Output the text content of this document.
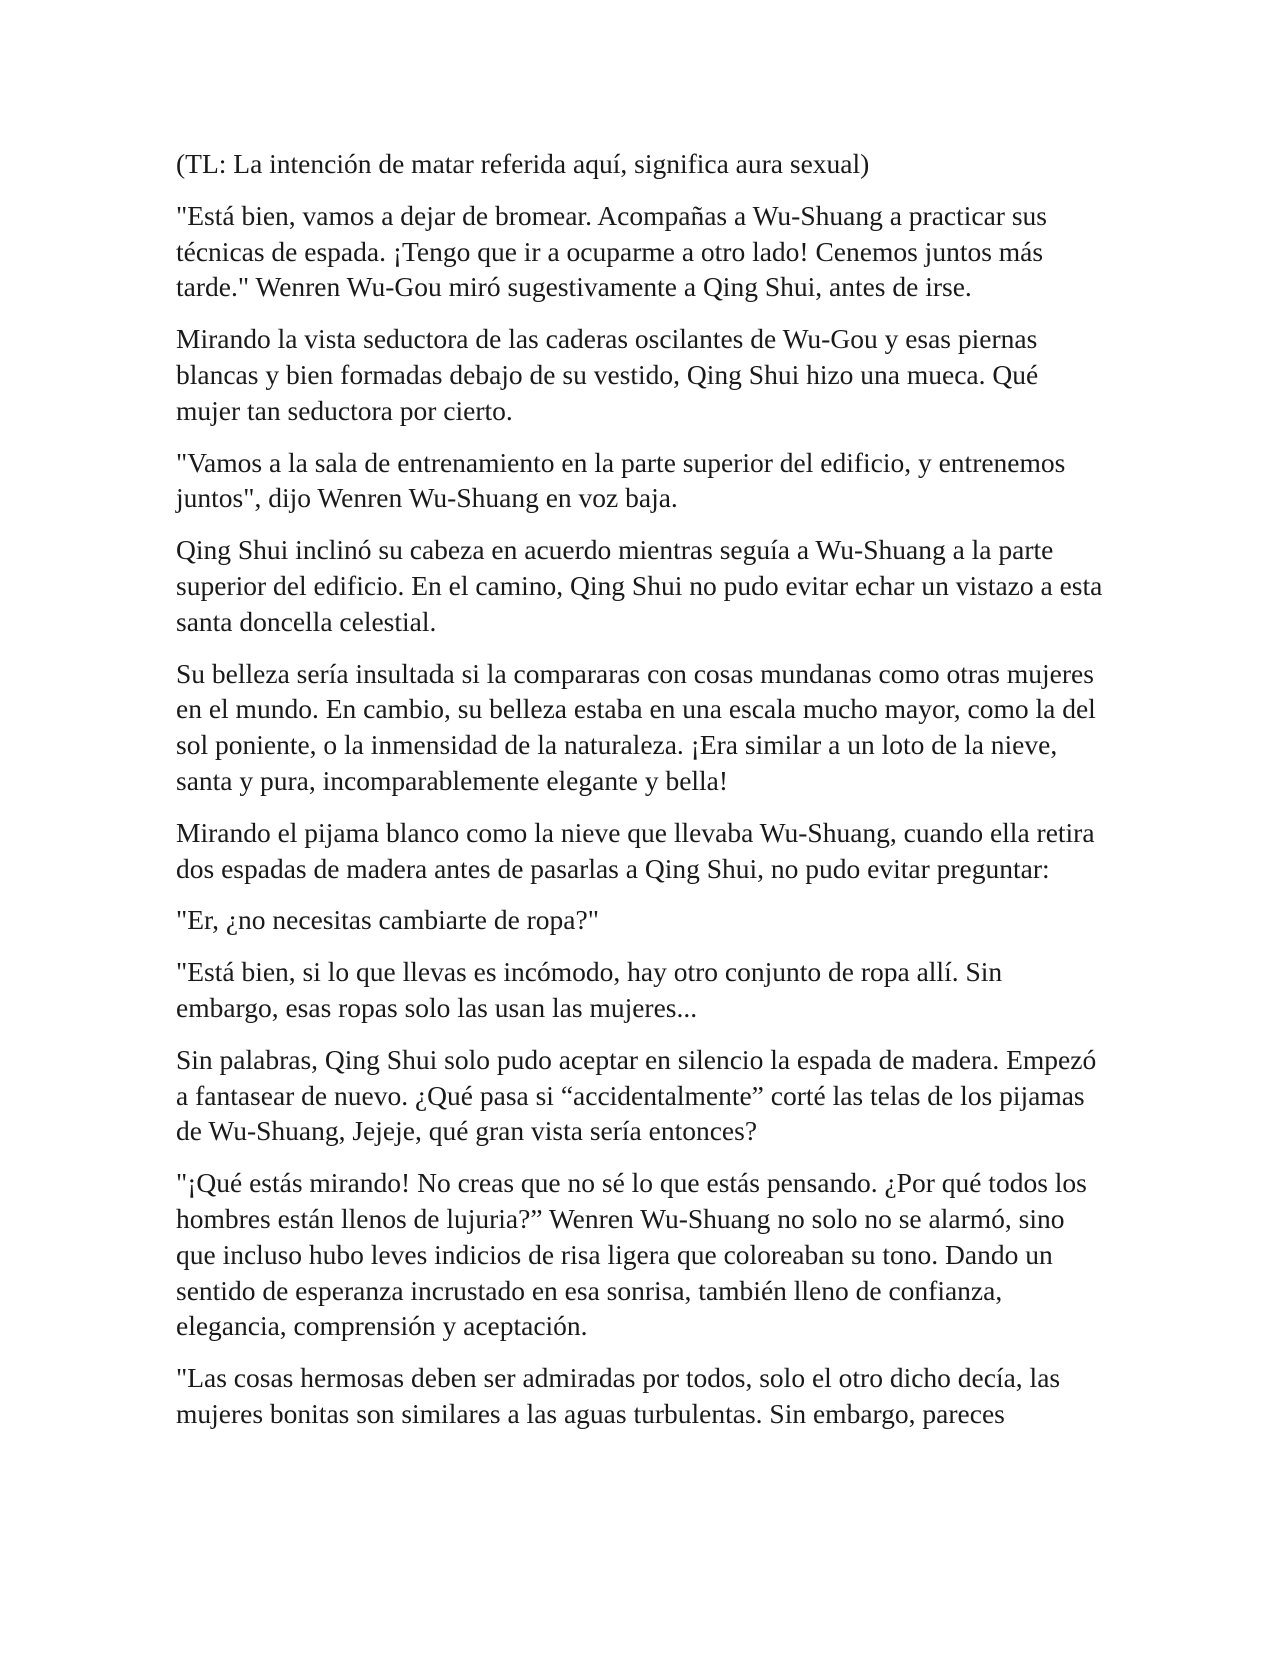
(TL: La intención de matar referida aquí, significa aura sexual)

"Está bien, vamos a dejar de bromear. Acompañas a Wu-Shuang a practicar sus técnicas de espada. ¡Tengo que ir a ocuparme a otro lado! Cenemos juntos más tarde." Wenren Wu-Gou miró sugestivamente a Qing Shui, antes de irse.

Mirando la vista seductora de las caderas oscilantes de Wu-Gou y esas piernas blancas y bien formadas debajo de su vestido, Qing Shui hizo una mueca. Qué mujer tan seductora por cierto.

"Vamos a la sala de entrenamiento en la parte superior del edificio, y entrenemos juntos", dijo Wenren Wu-Shuang en voz baja.

Qing Shui inclinó su cabeza en acuerdo mientras seguía a Wu-Shuang a la parte superior del edificio. En el camino, Qing Shui no pudo evitar echar un vistazo a esta santa doncella celestial.

Su belleza sería insultada si la compararas con cosas mundanas como otras mujeres en el mundo. En cambio, su belleza estaba en una escala mucho mayor, como la del sol poniente, o la inmensidad de la naturaleza. ¡Era similar a un loto de la nieve, santa y pura, incomparablemente elegante y bella!

Mirando el pijama blanco como la nieve que llevaba Wu-Shuang, cuando ella retira dos espadas de madera antes de pasarlas a Qing Shui, no pudo evitar preguntar:

"Er, ¿no necesitas cambiarte de ropa?"

"Está bien, si lo que llevas es incómodo, hay otro conjunto de ropa allí. Sin embargo, esas ropas solo las usan las mujeres...

Sin palabras, Qing Shui solo pudo aceptar en silencio la espada de madera. Empezó a fantasear de nuevo. ¿Qué pasa si “accidentalmente” corté las telas de los pijamas de Wu-Shuang, Jejeje, qué gran vista sería entonces?

"¡Qué estás mirando! No creas que no sé lo que estás pensando. ¿Por qué todos los hombres están llenos de lujuria?” Wenren Wu-Shuang no solo no se alarmó, sino que incluso hubo leves indicios de risa ligera que coloreaban su tono. Dando un sentido de esperanza incrustado en esa sonrisa, también lleno de confianza, elegancia, comprensión y aceptación.

"Las cosas hermosas deben ser admiradas por todos, solo el otro dicho decía, las mujeres bonitas son similares a las aguas turbulentas. Sin embargo, pareces
